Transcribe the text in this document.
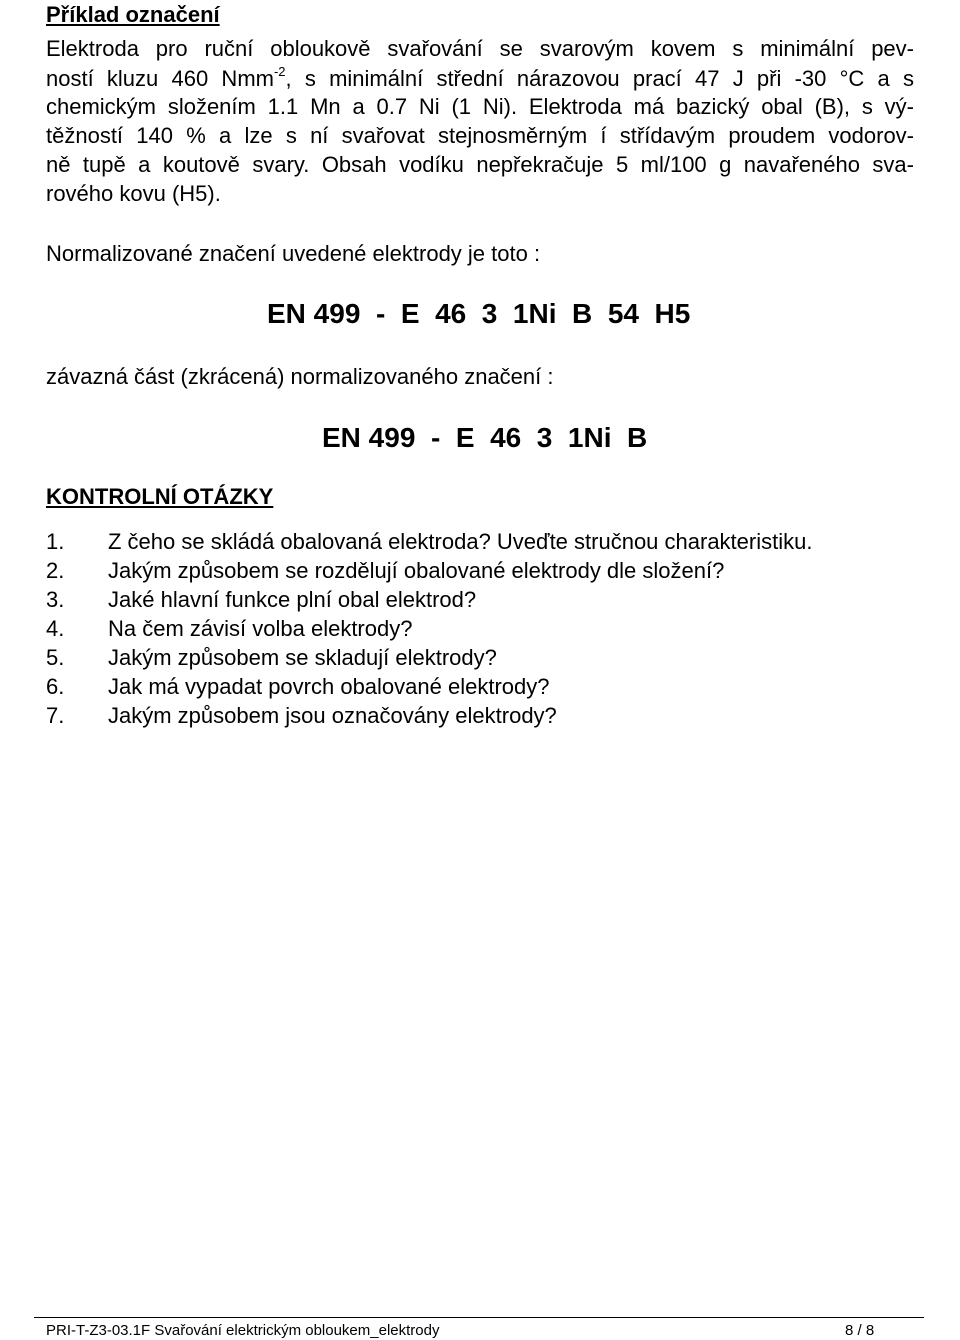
Příklad označení
Elektroda pro ruční obloukově svařování se svarovým kovem s minimální pev-
ností kluzu 460 Nmm$^{-2}$, s minimální střední nárazovou prací 47 J při -30 °C a s
chemickým složením 1.1 Mn a 0.7 Ni (1 Ni). Elektroda má bazický obal (B), s vý-
těžností 140 % a lze s ní svařovat stejnosměrným í střídavým proudem vodorov-
ně tupě a koutově svary. Obsah vodíku nepřekračuje 5 ml/100 g navařeného sva-
rového kovu (H5).
Normalizované značení uvedené elektrody je toto :
EN 499  -  E  46  3  1Ni  B  54  H5
závazná část (zkrácená) normalizovaného značení :
EN 499  -  E  46  3  1Ni  B
KONTROLNÍ OTÁZKY
1. Z čeho se skládá obalovaná elektroda? Uveďte stručnou charakteristiku.
2. Jakým způsobem se rozdělují obalované elektrody dle složení?
3. Jaké hlavní funkce plní obal elektrod?
4. Na čem závisí volba elektrody?
5. Jakým způsobem se skladují elektrody?
6. Jak má vypadat povrch obalované elektrody?
7. Jakým způsobem jsou označovány elektrody?
PRI-T-Z3-03.1F Svařování elektrickým obloukem_elektrody	8 / 8
